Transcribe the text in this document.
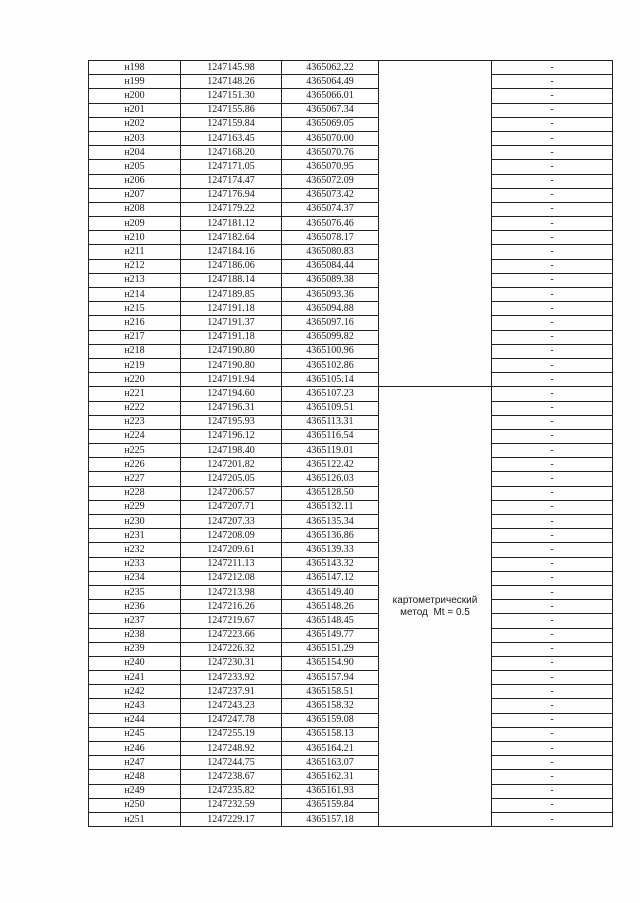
н198	1247145.98	4365062.22		-
н199	1247148.26	4365064.49		-
н200	1247151.30	4365066.01		-
н201	1247155.86	4365067.34		-
н202	1247159.84	4365069.05		-
н203	1247163.45	4365070.00		-
н204	1247168.20	4365070.76		-
н205	1247171.05	4365070.95		-
н206	1247174.47	4365072.09		-
н207	1247176.94	4365073.42		-
н208	1247179.22	4365074.37		-
н209	1247181.12	4365076.46		-
н210	1247182.64	4365078.17		-
н211	1247184.16	4365080.83		-
н212	1247186.06	4365084.44		-
н213	1247188.14	4365089.38		-
н214	1247189.85	4365093.36		-
н215	1247191.18	4365094.88		-
н216	1247191.37	4365097.16		-
н217	1247191.18	4365099.82		-
н218	1247190.80	4365100.96		-
н219	1247190.80	4365102.86		-
н220	1247191.94	4365105.14		-
н221	1247194.60	4365107.23	картометрический
метод  Mt = 0.5	-
н222	1247196.31	4365109.51		-
н223	1247195.93	4365113.31		-
н224	1247196.12	4365116.54		-
н225	1247198.40	4365119.01		-
н226	1247201.82	4365122.42		-
н227	1247205.05	4365126.03		-
н228	1247206.57	4365128.50		-
н229	1247207.71	4365132.11		-
н230	1247207.33	4365135.34		-
н231	1247208.09	4365136.86		-
н232	1247209.61	4365139.33		-
н233	1247211.13	4365143.32		-
н234	1247212.08	4365147.12		-
н235	1247213.98	4365149.40		-
н236	1247216.26	4365148.26		-
н237	1247219.67	4365148.45		-
н238	1247223.66	4365149.77		-
н239	1247226.32	4365151.29		-
н240	1247230.31	4365154.90		-
н241	1247233.92	4365157.94		-
н242	1247237.91	4365158.51		-
н243	1247243.23	4365158.32		-
н244	1247247.78	4365159.08		-
н245	1247255.19	4365158.13		-
н246	1247248.92	4365164.21		-
н247	1247244.75	4365163.07		-
н248	1247238.67	4365162.31		-
н249	1247235.82	4365161.93		-
н250	1247232.59	4365159.84		-
н251	1247229.17	4365157.18		-
